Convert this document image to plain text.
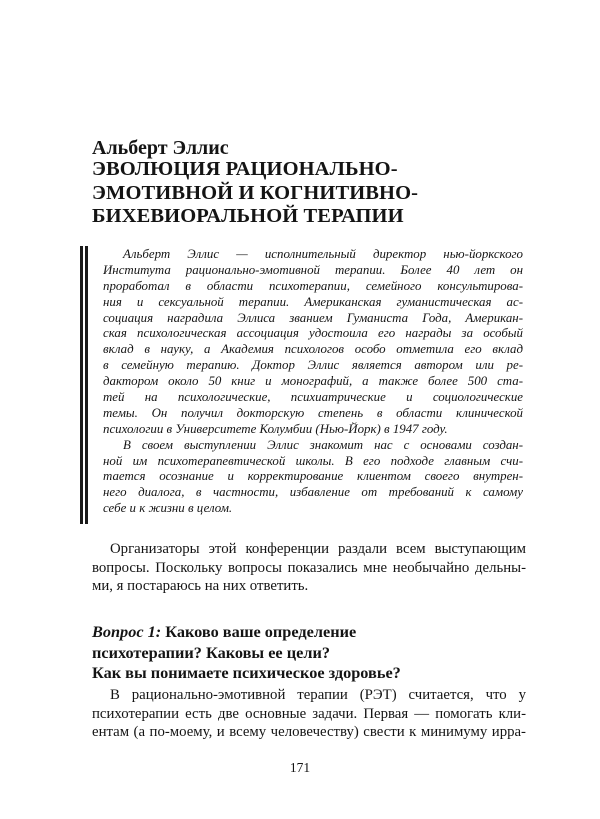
Альберт Эллис
ЭВОЛЮЦИЯ РАЦИОНАЛЬНО-
ЭМОТИВНОЙ И КОГНИТИВНО-
БИХЕВИОРАЛЬНОЙ ТЕРАПИИ
Альберт Эллис — исполнительный директор нью-йоркского
Института рационально-эмотивной терапии. Более 40 лет он
проработал в области психотерапии, семейного консультирова-
ния и сексуальной терапии. Американская гуманистическая ас-
социация наградила Эллиса званием Гуманиста Года, Американ-
ская психологическая ассоциация удостоила его награды за особый
вклад в науку, а Академия психологов особо отметила его вклад
в семейную терапию. Доктор Эллис является автором или ре-
дактором около 50 книг и монографий, а также более 500 ста-
тей на психологические, психиатрические и социологические
темы. Он получил докторскую степень в области клинической
психологии в Университете Колумбии (Нью-Йорк) в 1947 году.
В своем выступлении Эллис знакомит нас с основами создан-
ной им психотерапевтической школы. В его подходе главным счи-
тается осознание и корректирование клиентом своего внутрен-
него диалога, в частности, избавление от требований к самому
себе и к жизни в целом.
Организаторы этой конференции раздали всем выступающим
вопросы. Поскольку вопросы показались мне необычайно дельны-
ми, я постараюсь на них ответить.
Вопрос 1: Каково ваше определение
психотерапии? Каковы ее цели?
Как вы понимаете психическое здоровье?
В рационально-эмотивной терапии (РЭТ) считается, что у
психотерапии есть две основные задачи. Первая — помогать кли-
ентам (а по-моему, и всему человечеству) свести к минимуму ирра-
171
